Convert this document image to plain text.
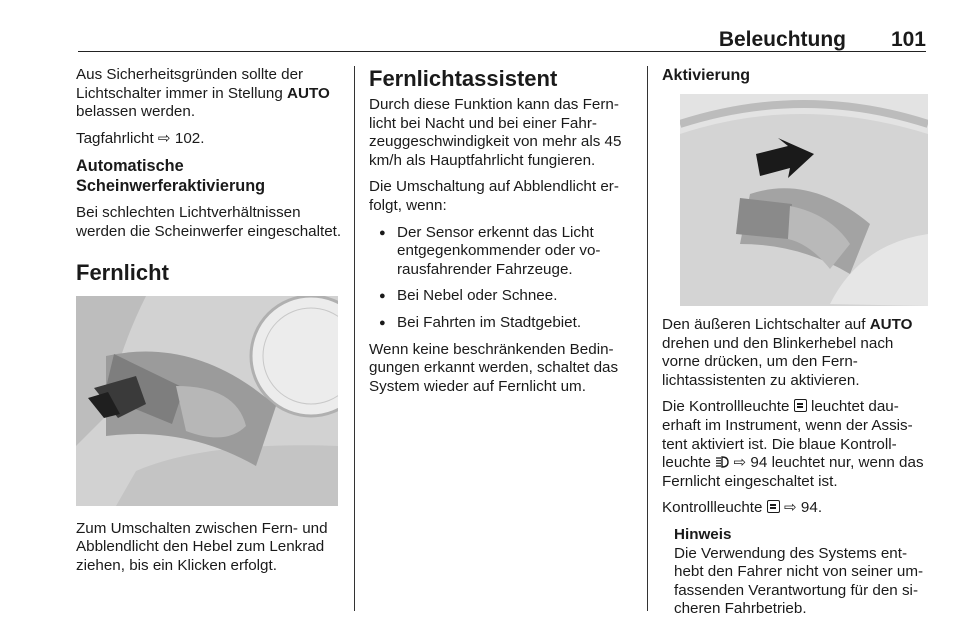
Beleuchtung 101

Aus Sicherheitsgründen sollte der Lichtschalter immer in Stellung AUTO belassen werden.

Tagfahrlicht ⇨ 102.

Automatische
Scheinwerferaktivierung

Bei schlechten Lichtverhältnissen werden die Scheinwerfer eingeschaltet.

Fernlicht

Zum Umschalten zwischen Fern- und Abblendlicht den Hebel zum Lenkrad ziehen, bis ein Klicken erfolgt.

Fernlichtassistent

Durch diese Funktion kann das Fernlicht bei Nacht und bei einer Fahrzeuggeschwindigkeit von mehr als 45 km/h als Hauptfahrlicht fungieren.

Die Umschaltung auf Abblendlicht erfolgt, wenn:

● Der Sensor erkennt das Licht entgegenkommender oder vorausfahrender Fahrzeuge.
● Bei Nebel oder Schnee.
● Bei Fahrten im Stadtgebiet.

Wenn keine beschränkenden Bedingungen erkannt werden, schaltet das System wieder auf Fernlicht um.

Aktivierung

Den äußeren Lichtschalter auf AUTO drehen und den Blinkerhebel nach vorne drücken, um den Fernlichtassistenten zu aktivieren.

Die Kontrollleuchte leuchtet dauerhaft im Instrument, wenn der Assistent aktiviert ist. Die blaue Kontrollleuchte ⇨ 94 leuchtet nur, wenn das Fernlicht eingeschaltet ist.

Kontrollleuchte ⇨ 94.

Hinweis
Die Verwendung des Systems enthebt den Fahrer nicht von seiner umfassenden Verantwortung für den sicheren Fahrbetrieb.
